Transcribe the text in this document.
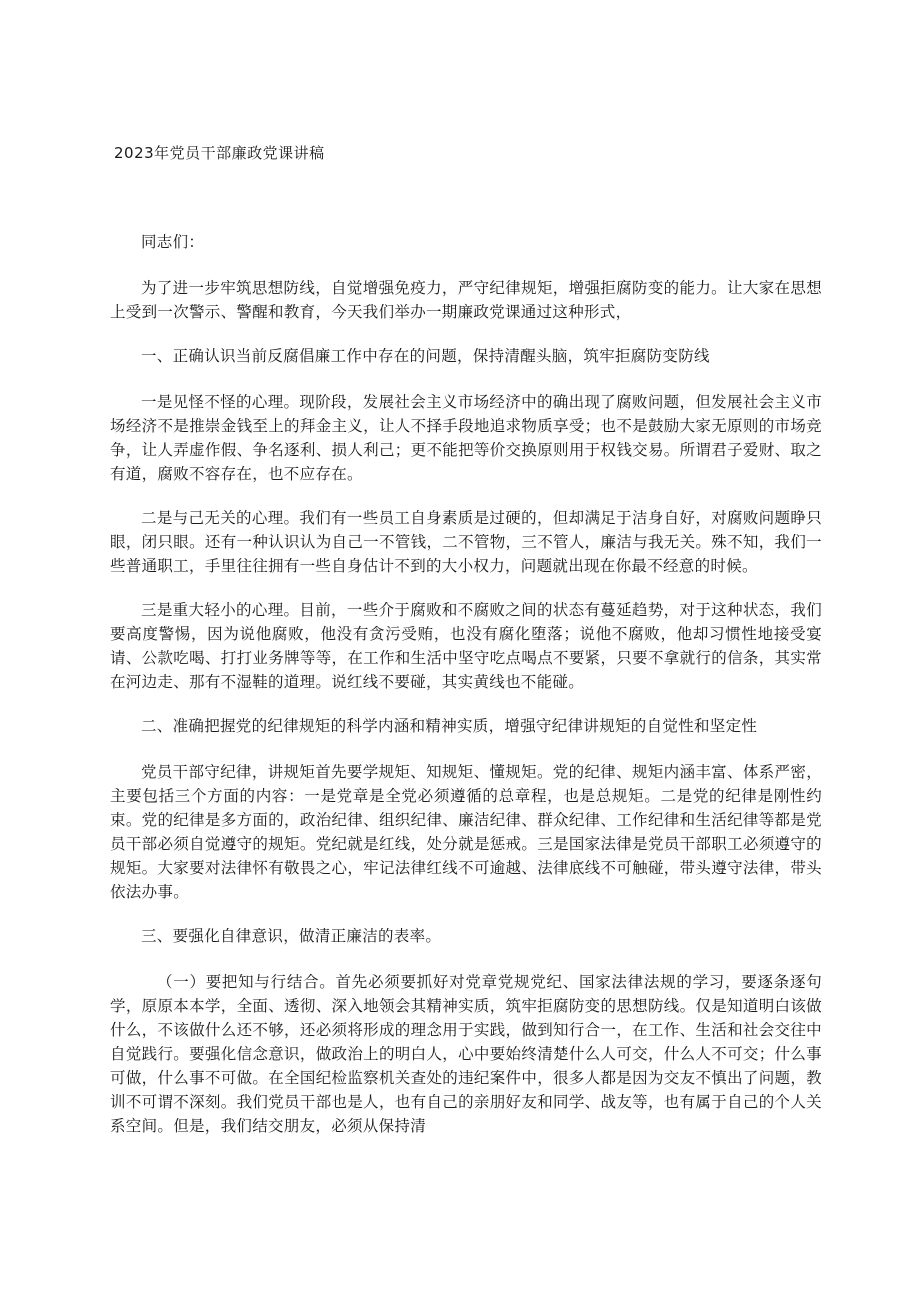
2023年党员干部廉政党课讲稿

同志们：

为了进一步牢筑思想防线，自觉增强免疫力，严守纪律规矩，增强拒腐防变的能力。让大家在思想上受到一次警示、警醒和教育，今天我们举办一期廉政党课通过这种形式，

一、正确认识当前反腐倡廉工作中存在的问题，保持清醒头脑，筑牢拒腐防变防线

一是见怪不怪的心理。现阶段，发展社会主义市场经济中的确出现了腐败问题，但发展社会主义市场经济不是推崇金钱至上的拜金主义，让人不择手段地追求物质享受；也不是鼓励大家无原则的市场竞争，让人弄虚作假、争名逐利、损人利己；更不能把等价交换原则用于权钱交易。所谓君子爱财、取之有道，腐败不容存在，也不应存在。

二是与己无关的心理。我们有一些员工自身素质是过硬的，但却满足于洁身自好，对腐败问题睁只眼，闭只眼。还有一种认识认为自己一不管钱，二不管物，三不管人，廉洁与我无关。殊不知，我们一些普通职工，手里往往拥有一些自身估计不到的大小权力，问题就出现在你最不经意的时候。

三是重大轻小的心理。目前，一些介于腐败和不腐败之间的状态有蔓延趋势，对于这种状态，我们要高度警惕，因为说他腐败，他没有贪污受贿，也没有腐化堕落；说他不腐败，他却习惯性地接受宴请、公款吃喝、打打业务牌等等，在工作和生活中坚守吃点喝点不要紧，只要不拿就行的信条，其实常在河边走、那有不湿鞋的道理。说红线不要碰，其实黄线也不能碰。

二、准确把握党的纪律规矩的科学内涵和精神实质，增强守纪律讲规矩的自觉性和坚定性

党员干部守纪律，讲规矩首先要学规矩、知规矩、懂规矩。党的纪律、规矩内涵丰富、体系严密，主要包括三个方面的内容：一是党章是全党必须遵循的总章程，也是总规矩。二是党的纪律是刚性约束。党的纪律是多方面的，政治纪律、组织纪律、廉洁纪律、群众纪律、工作纪律和生活纪律等都是党员干部必须自觉遵守的规矩。党纪就是红线，处分就是惩戒。三是国家法律是党员干部职工必须遵守的规矩。大家要对法律怀有敬畏之心，牢记法律红线不可逾越、法律底线不可触碰，带头遵守法律，带头依法办事。

三、要强化自律意识，做清正廉洁的表率。

（一）要把知与行结合。首先必须要抓好对党章党规党纪、国家法律法规的学习，要逐条逐句学，原原本本学，全面、透彻、深入地领会其精神实质，筑牢拒腐防变的思想防线。仅是知道明白该做什么，不该做什么还不够，还必须将形成的理念用于实践，做到知行合一，在工作、生活和社会交往中自觉践行。要强化信念意识，做政治上的明白人，心中要始终清楚什么人可交，什么人不可交；什么事可做，什么事不可做。在全国纪检监察机关查处的违纪案件中，很多人都是因为交友不慎出了问题，教训不可谓不深刻。我们党员干部也是人，也有自己的亲朋好友和同学、战友等，也有属于自己的个人关系空间。但是，我们结交朋友，必须从保持清
